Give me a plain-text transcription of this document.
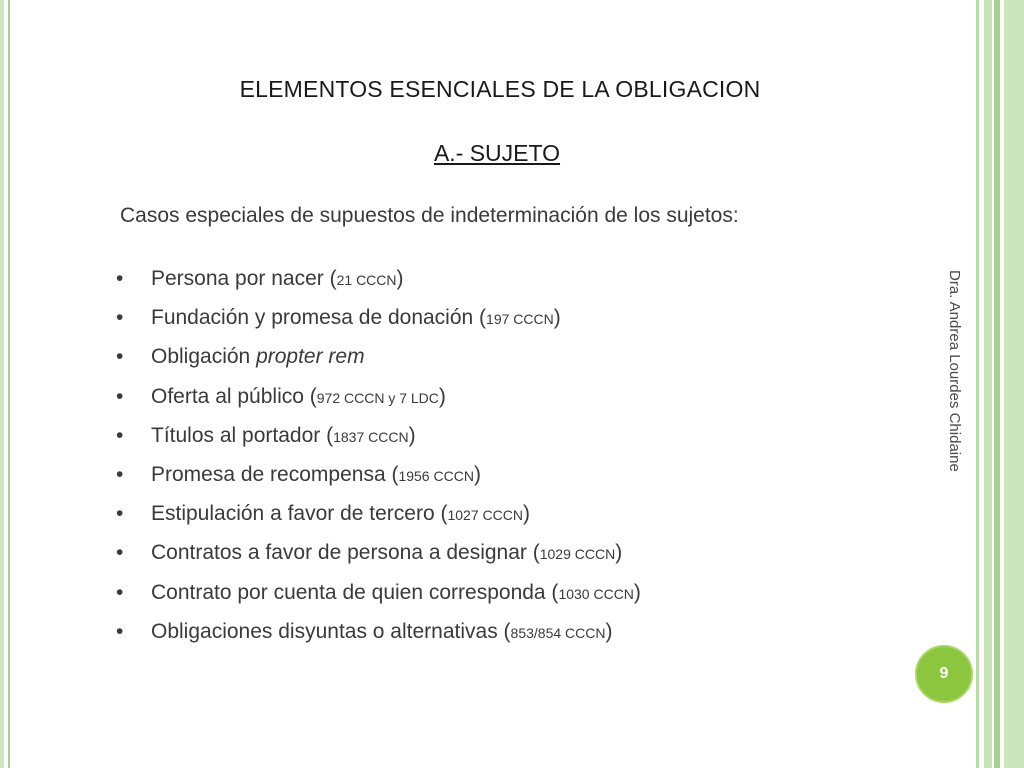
ELEMENTOS ESENCIALES DE LA OBLIGACION
A.- SUJETO

Casos especiales de supuestos de indeterminación de los sujetos:

• Persona por nacer (21 CCCN)
• Fundación y promesa de donación (197 CCCN)
• Obligación propter rem
• Oferta al público (972 CCCN y 7 LDC)
• Títulos al portador (1837 CCCN)
• Promesa de recompensa (1956 CCCN)
• Estipulación a favor de tercero (1027 CCCN)
• Contratos a favor de persona a designar (1029 CCCN)
• Contrato por cuenta de quien corresponda (1030 CCCN)
• Obligaciones disyuntas o alternativas (853/854 CCCN)

Dra. Andrea Lourdes Chidaine

9
